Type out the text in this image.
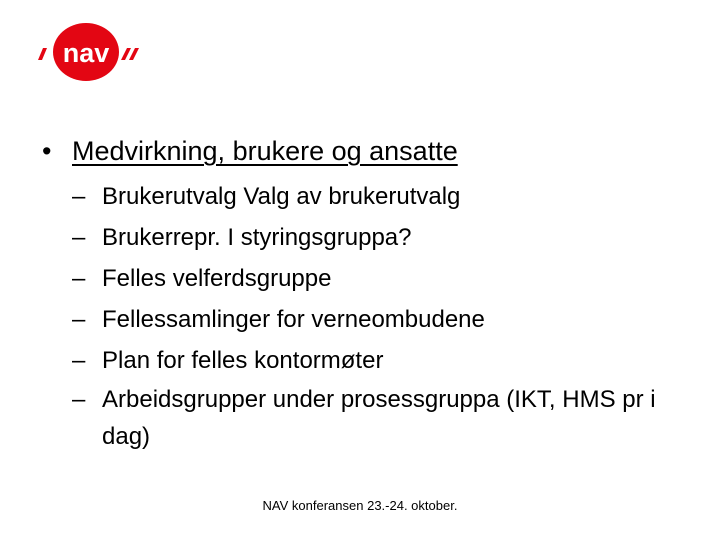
nav
• Medvirkning, brukere og ansatte
– Brukerutvalg Valg av brukerutvalg
– Brukerrepr. I styringsgruppa?
– Felles velferdsgruppe
– Fellessamlinger for verneombudene
– Plan for felles kontormøter
– Arbeidsgrupper under prosessgruppa (IKT, HMS pr i dag)
NAV konferansen 23.-24. oktober.
